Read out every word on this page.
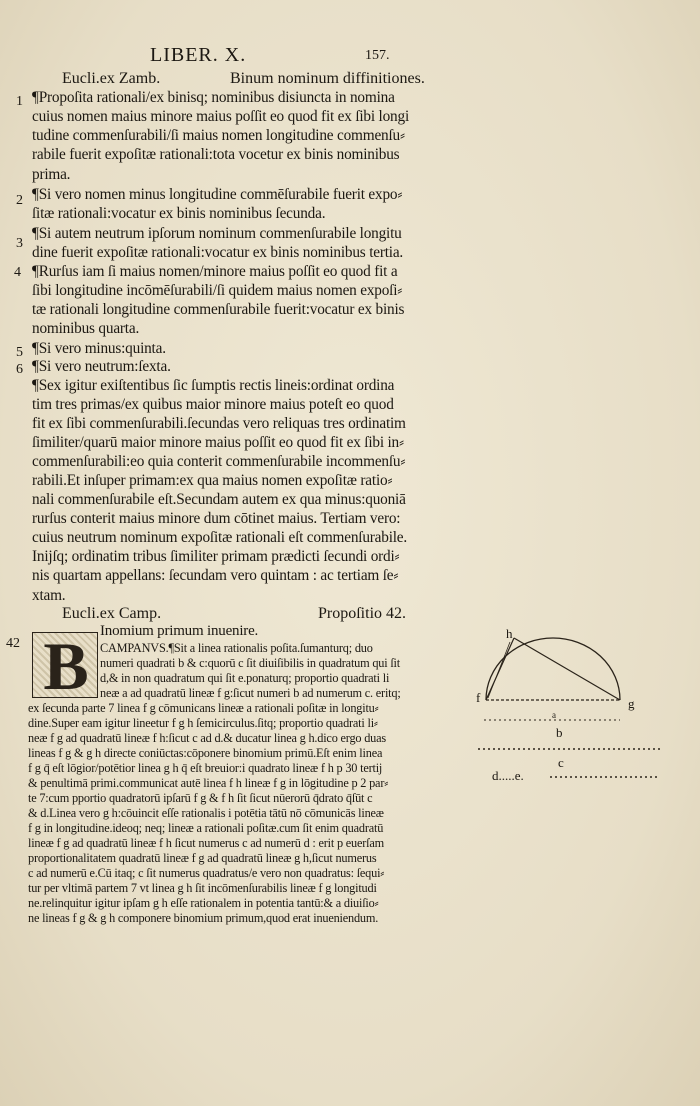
LIBER. X.	157.
Eucli.ex Zamb.	Binum nominum diffinitiones.
1
2
3
4
5
6
42
¶Propoſita rationali/ex binisq; nominibus disiuncta in nomina
cuius nomen maius minore maius poſſit eo quod fit ex ſibi longi
tudine commenſurabili/ſi maius nomen longitudine commenſu⸗
rabile fuerit expoſitæ rationali:tota vocetur ex binis nominibus
prima.
¶Si vero nomen minus longitudine commēſurabile fuerit expo⸗
ſitæ rationali:vocatur ex binis nominibus ſecunda.
¶Si autem neutrum ipſorum nominum commenſurabile longitu
dine fuerit expoſitæ rationali:vocatur ex binis nominibus tertia.
¶Rurſus iam ſi maius nomen/minore maius poſſit eo quod fit a
ſibi longitudine incōmēſurabili/ſi quidem maius nomen expoſi⸗
tæ rationali longitudine commenſurabile fuerit:vocatur ex binis
nominibus quarta.
¶Si vero minus:quinta.
¶Si vero neutrum:ſexta.
¶Sex igitur exiſtentibus ſic ſumptis rectis lineis:ordinat ordina
tim tres primas/ex quibus maior minore maius poteſt eo quod
fit ex ſibi commenſurabili.ſecundas vero reliquas tres ordinatim
ſimiliter/quarū maior minore maius poſſit eo quod fit ex ſibi in⸗
commenſurabili:eo quia conterit commenſurabile incommenſu⸗
rabili.Et inſuper primam:ex qua maius nomen expoſitæ ratio⸗
nali commenſurabile eſt.Secundam autem ex qua minus:quoniā
rurſus conterit maius minore dum cōtinet maius. Tertiam vero:
cuius neutrum nominum expoſitæ rationali eſt commenſurabile.
Inijſq; ordinatim tribus ſimiliter primam prædicti ſecundi ordi⸗
nis quartam appellans: ſecundam vero quintam : ac tertiam ſe⸗
xtam.
Eucli.ex Camp.	Propoſitio 42.
B Inomium primum inuenire.
CAMPANVS.¶Sit a linea rationalis poſita.ſumanturq; duo
numeri quadrati b & c:quorū c ſit diuiſibilis in quadratum qui ſit
d,& in non quadratum qui ſit e.ponaturq; proportio quadrati li
neæ a ad quadratū lineæ f g:ſicut numeri b ad numerum c. eritq;
ex ſecunda parte 7 linea f g cōmunicans lineæ a rationali poſitæ in longitu⸗
dine.Super eam igitur lineetur f g h ſemicirculus.ſitq; proportio quadrati li⸗
neæ f g ad quadratū lineæ f h:ſicut c ad d.& ducatur linea g h.dico ergo duas
lineas f g & g h directe coniūctas:cōponere binomium primū.Eſt enim linea
f g q̄ eſt lōgior/potētior linea g h q̄ eſt breuior:i quadrato lineæ f h p 30 tertij
& penultimā primi.communicat autē linea f h lineæ f g in lōgitudine p 2 par⸗
te 7:cum pportio quadratorū ipſarū f g & f h ſit ſicut nūerorū q̄drato q̄ſūt c
& d.Linea vero g h:cōuincit eſſe rationalis i potētia tātū nō cōmunicās lineæ
f g in longitudine.ideoq; neq; lineæ a rationali poſitæ.cum ſit enim quadratū
lineæ f g ad quadratū lineæ f h ſicut numerus c ad numerū d : erit p euerſam
proportionalitatem quadratū lineæ f g ad quadratū lineæ g h,ſicut numerus
c ad numerū e.Cū itaq; c ſit numerus quadratus/e vero non quadratus: ſequi⸗
tur per vltimā partem 7 vt linea g h ſit incōmenſurabilis lineæ f g longitudi
ne.relinquitur igitur ipſam g h eſſe rationalem in potentia tantū:& a diuiſio⸗
ne lineas f g & g h componere binomium primum,quod erat inueniendum.
h
f	g
a
b
c
d.....e.
